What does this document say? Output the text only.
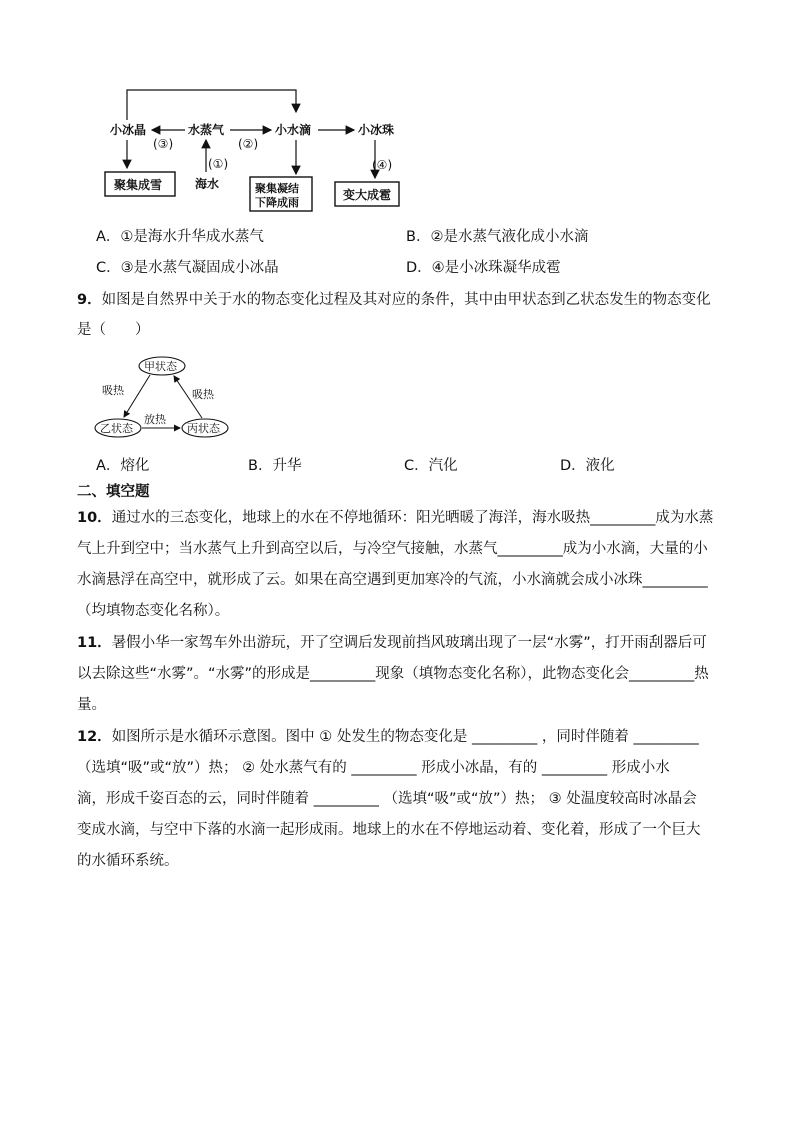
小冰晶	水蒸气	小水滴	小冰珠
(③)	(②)
(①)
海水
聚集成雪	聚集凝结
下降成雨
(④)
变大成雹
A．①是海水升华成水蒸气	B．②是水蒸气液化成小水滴
C．③是水蒸气凝固成小冰晶	D．④是小冰珠凝华成雹
9．如图是自然界中关于水的物态变化过程及其对应的条件，其中由甲状态到乙状态发生的物态变化
是（　　）
甲状态
乙状态	丙状态
吸热	吸热
放热
A．熔化	B．升华	C．汽化	D．液化
二、填空题
10．通过水的三态变化，地球上的水在不停地循环：阳光晒暖了海洋，海水吸热_________成为水蒸
气上升到空中；当水蒸气上升到高空以后，与冷空气接触，水蒸气_________成为小水滴，大量的小
水滴悬浮在高空中，就形成了云。如果在高空遇到更加寒冷的气流，小水滴就会成小冰珠_________
（均填物态变化名称）。
11．暑假小华一家驾车外出游玩，开了空调后发现前挡风玻璃出现了一层“水雾”，打开雨刮器后可
以去除这些“水雾”。“水雾”的形成是_________现象（填物态变化名称），此物态变化会_________热
量。
12．如图所示是水循环示意图。图中 ① 处发生的物态变化是 _________ ，同时伴随着 _________
（选填“吸”或“放”）热； ② 处水蒸气有的 _________ 形成小冰晶，有的 _________ 形成小水
滴，形成千姿百态的云，同时伴随着 _________ （选填“吸”或“放”）热； ③ 处温度较高时冰晶会
变成水滴，与空中下落的水滴一起形成雨。地球上的水在不停地运动着、变化着，形成了一个巨大
的水循环系统。
